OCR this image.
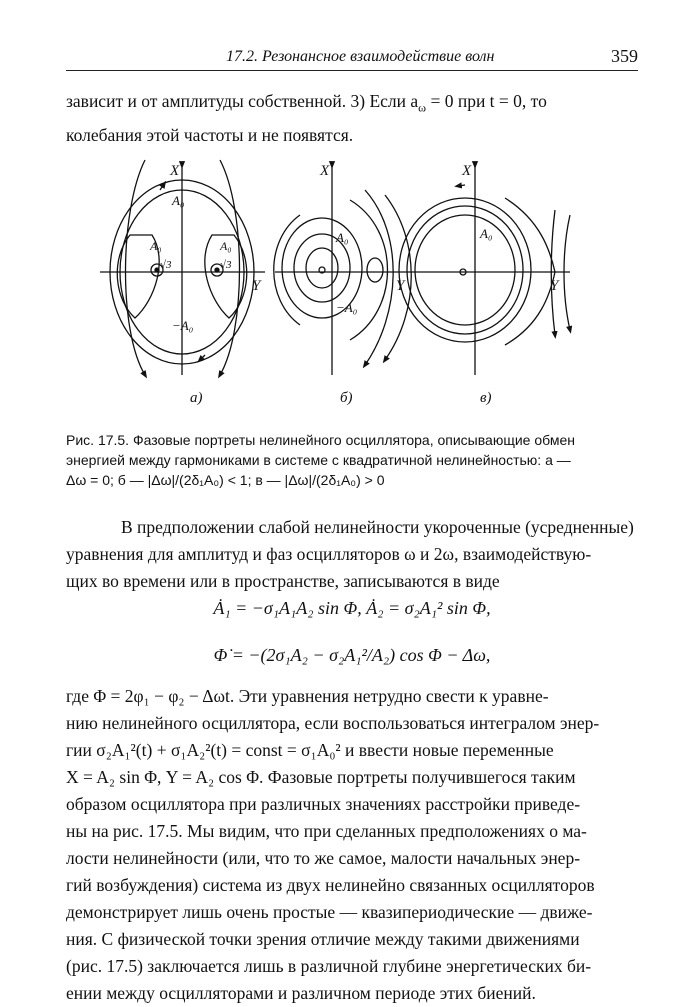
17.2. Резонансное взаимодействие волн	359
зависит и от амплитуды собственной. 3) Если $a_\omega = 0$ при t = 0, то
колебания этой частоты и не появятся.
X
Y
A₀
A₀
√3
A₀
√3
−A₀
X
Y
A₀
−A₀
X
Y
A₀
а)	б)	в)
Рис. 17.5. Фазовые портреты нелинейного осциллятора, описывающие обмен
энергией между гармониками в системе с квадратичной нелинейностью: а —
Δω = 0; б — |Δω|/(2δ₁A₀) < 1; в — |Δω|/(2δ₁A₀) > 0
В предположении слабой нелинейности укороченные (усредненные)
уравнения для амплитуд и фаз осцилляторов ω и 2ω, взаимодействую-
щих во времени или в пространстве, записываются в виде
Ȧ₁ = −σ₁A₁A₂ sin Φ, Ȧ₂ = σ₂A₁² sin Φ,
Φ̇ = −(2σ₁A₂ − σ₂A₁²/A₂) cos Φ − Δω,
где Φ = 2φ₁ − φ₂ − Δωt. Эти уравнения нетрудно свести к уравне-
нию нелинейного осциллятора, если воспользоваться интегралом энер-
гии σ₂A₁²(t) + σ₁A₂²(t) = const = σ₁A₀² и ввести новые переменные
X = A₂ sin Φ, Y = A₂ cos Φ. Фазовые портреты получившегося таким
образом осциллятора при различных значениях расстройки приведе-
ны на рис. 17.5. Мы видим, что при сделанных предположениях о ма-
лости нелинейности (или, что то же самое, малости начальных энер-
гий возбуждения) система из двух нелинейно связанных осцилляторов
демонстрирует лишь очень простые — квазипериодические — движе-
ния. С физической точки зрения отличие между такими движениями
(рис. 17.5) заключается лишь в различной глубине энергетических би-
ении между осцилляторами и различном периоде этих биений.
